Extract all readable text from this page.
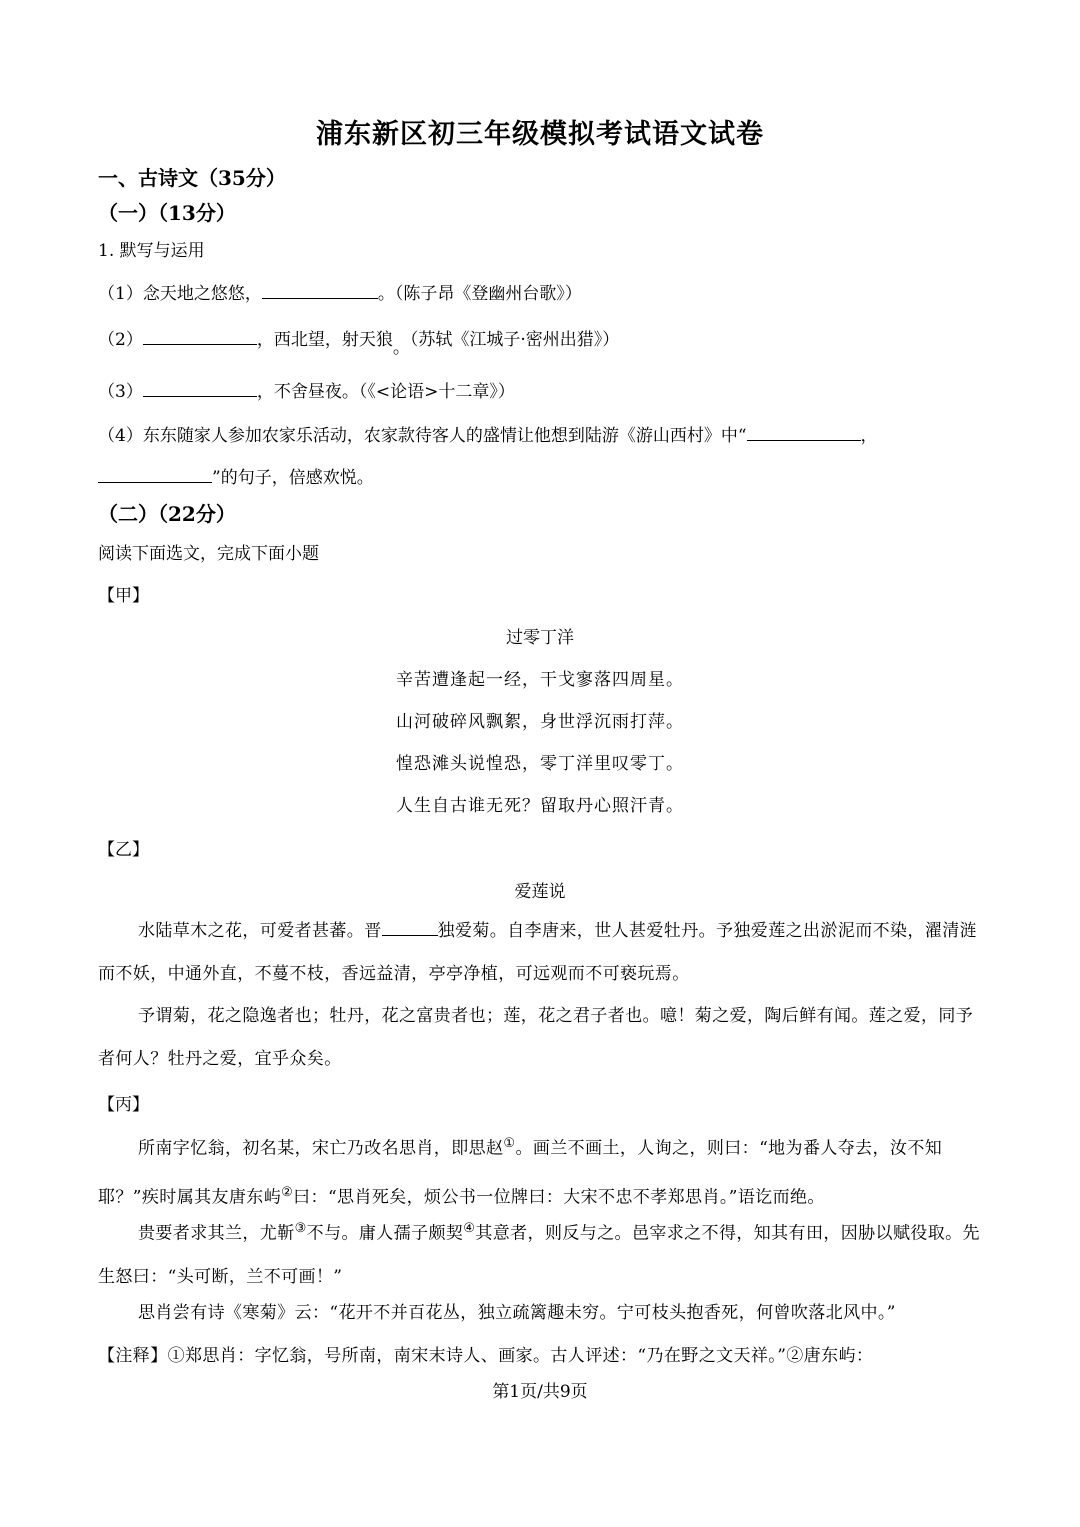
浦东新区初三年级模拟考试语文试卷
一、古诗文（35分）
（一）（13分）
1. 默写与运用
（1）念天地之悠悠，	。（陈子昂《登幽州台歌》）
（2）	，西北望，射天狼。（苏轼《江城子·密州出猎》）
（3）	，不舍昼夜。（《<论语>十二章》）
（4）东东随家人参加农家乐活动，农家款待客人的盛情让他想到陆游《游山西村》中“	，
”的句子，倍感欢悦。
（二）（22分）
阅读下面选文，完成下面小题
【甲】
过零丁洋
辛苦遭逢起一经，干戈寥落四周星。
山河破碎风飘絮，身世浮沉雨打萍。
惶恐滩头说惶恐，零丁洋里叹零丁。
人生自古谁无死？留取丹心照汗青。
【乙】
爱莲说
水陆草木之花，可爱者甚蕃。晋	独爱菊。自李唐来，世人甚爱牡丹。予独爱莲之出淤泥而不染，濯清涟而不妖，中通外直，不蔓不枝，香远益清，亭亭净植，可远观而不可亵玩焉。
予谓菊，花之隐逸者也；牡丹，花之富贵者也；莲，花之君子者也。噫！菊之爱，陶后鲜有闻。莲之爱，同予者何人？牡丹之爱，宜乎众矣。
【丙】
所南字忆翁，初名某，宋亡乃改名思肖，即思赵①。画兰不画土，人询之，则曰：“地为番人夺去，汝不知耶？”疾时属其友唐东屿②曰：“思肖死矣，烦公书一位牌曰：大宋不忠不孝郑思肖。”语讫而绝。
贵要者求其兰，尤靳③不与。庸人孺子颇契④其意者，则反与之。邑宰求之不得，知其有田，因胁以赋役取。先生怒曰：“头可断，兰不可画！”
思肖尝有诗《寒菊》云：“花开不并百花丛，独立疏篱趣未穷。宁可枝头抱香死，何曾吹落北风中。”
【注释】①郑思肖：字忆翁，号所南，南宋末诗人、画家。古人评述：“乃在野之文天祥。”②唐东屿：
第1页/共9页
